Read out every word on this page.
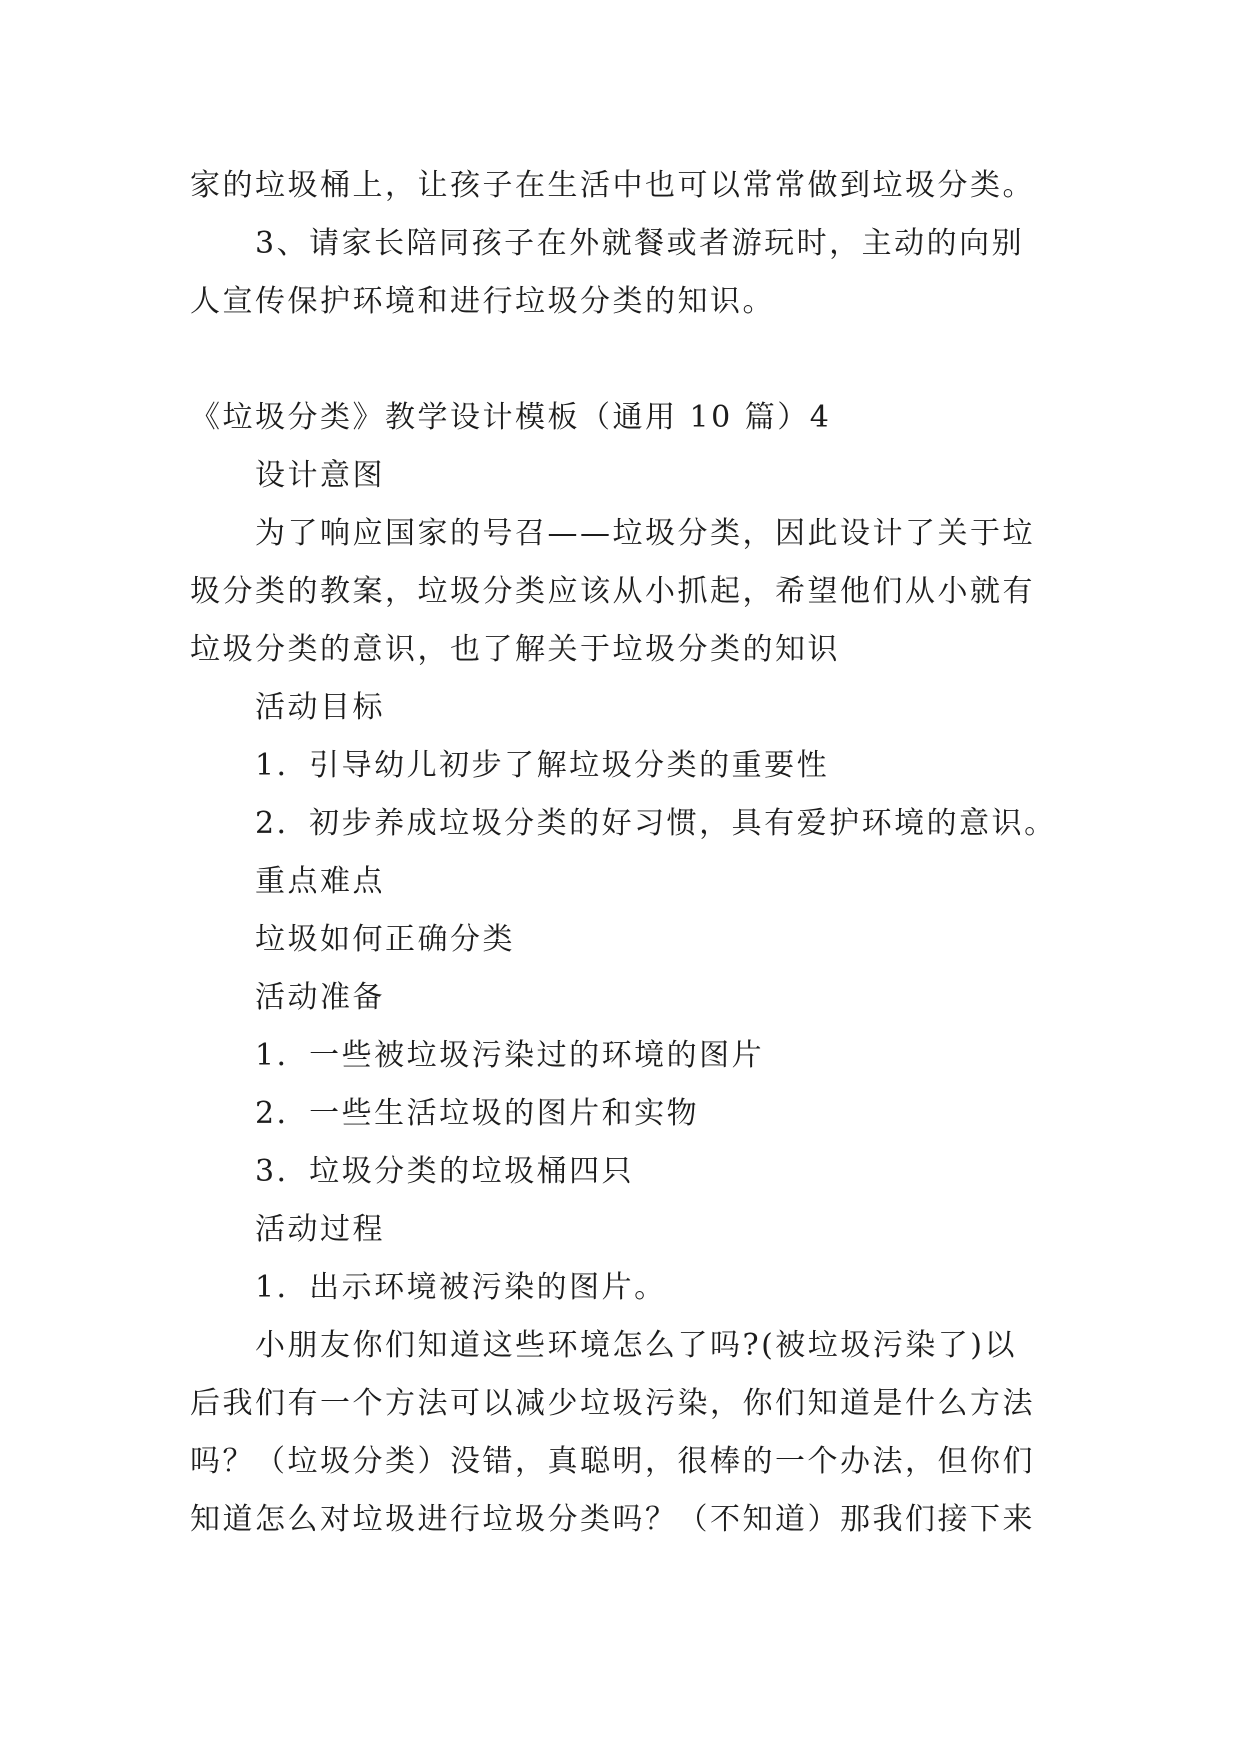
家的垃圾桶上，让孩子在生活中也可以常常做到垃圾分类。
3、请家长陪同孩子在外就餐或者游玩时，主动的向别
人宣传保护环境和进行垃圾分类的知识。
《垃圾分类》教学设计模板（通用 10 篇）4
设计意图
为了响应国家的号召——垃圾分类，因此设计了关于垃
圾分类的教案，垃圾分类应该从小抓起，希望他们从小就有
垃圾分类的意识，也了解关于垃圾分类的知识
活动目标
1．引导幼儿初步了解垃圾分类的重要性
2．初步养成垃圾分类的好习惯，具有爱护环境的意识。
重点难点
垃圾如何正确分类
活动准备
1．一些被垃圾污染过的环境的图片
2．一些生活垃圾的图片和实物
3．垃圾分类的垃圾桶四只
活动过程
1．出示环境被污染的图片。
小朋友你们知道这些环境怎么了吗?(被垃圾污染了)以
后我们有一个方法可以减少垃圾污染，你们知道是什么方法
吗？（垃圾分类）没错，真聪明，很棒的一个办法，但你们
知道怎么对垃圾进行垃圾分类吗？（不知道）那我们接下来
